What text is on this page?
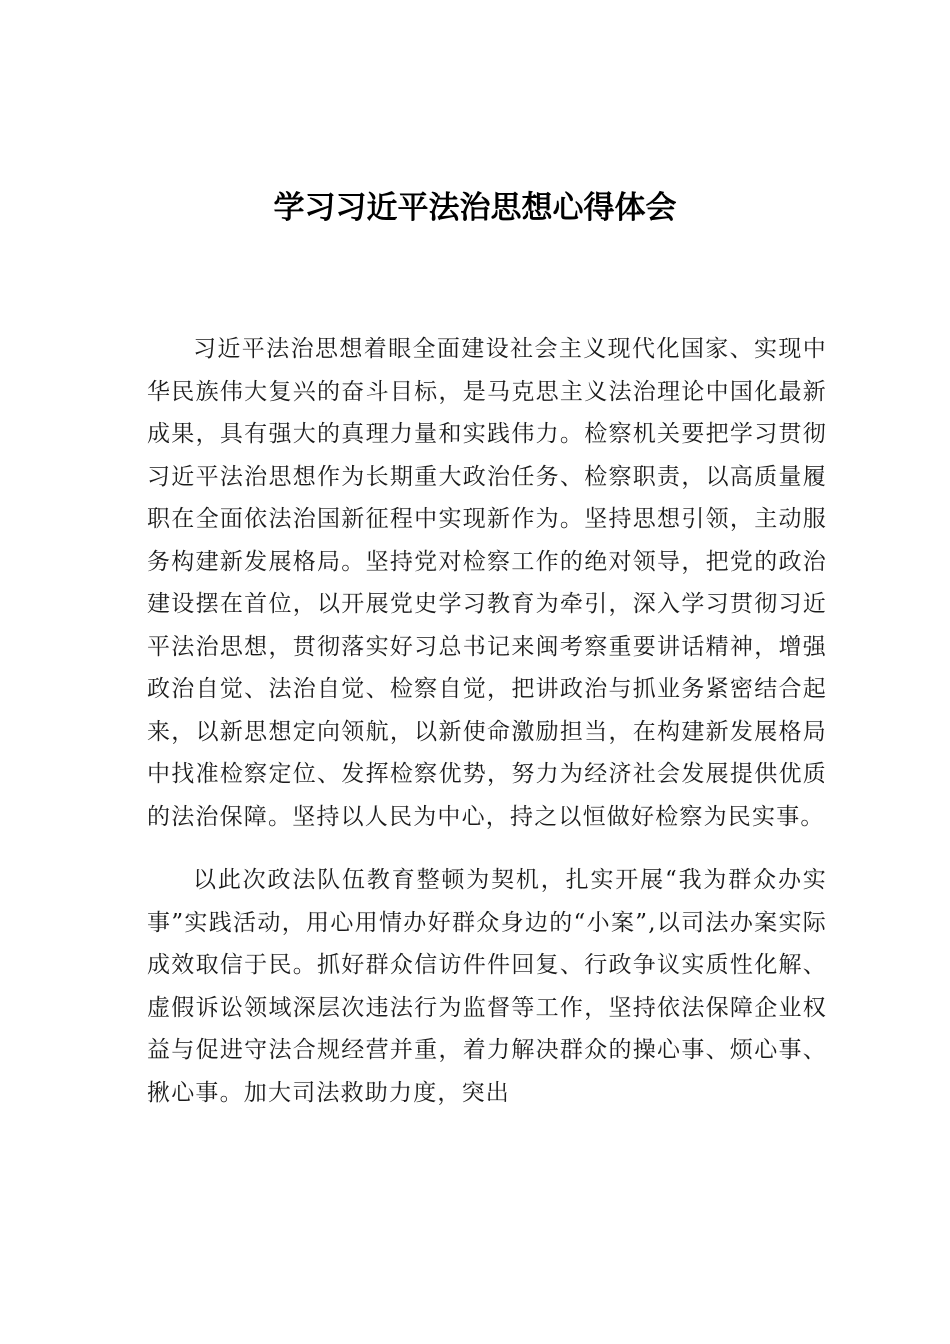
学习习近平法治思想心得体会

习近平法治思想着眼全面建设社会主义现代化国家、实现中华民族伟大复兴的奋斗目标，是马克思主义法治理论中国化最新成果，具有强大的真理力量和实践伟力。检察机关要把学习贯彻习近平法治思想作为长期重大政治任务、检察职责，以高质量履职在全面依法治国新征程中实现新作为。坚持思想引领，主动服务构建新发展格局。坚持党对检察工作的绝对领导，把党的政治建设摆在首位，以开展党史学习教育为牵引，深入学习贯彻习近平法治思想，贯彻落实好习总书记来闽考察重要讲话精神，增强政治自觉、法治自觉、检察自觉，把讲政治与抓业务紧密结合起来，以新思想定向领航，以新使命激励担当，在构建新发展格局中找准检察定位、发挥检察优势，努力为经济社会发展提供优质的法治保障。坚持以人民为中心，持之以恒做好检察为民实事。

以此次政法队伍教育整顿为契机，扎实开展“我为群众办实事”实践活动，用心用情办好群众身边的“小案”,以司法办案实际成效取信于民。抓好群众信访件件回复、行政争议实质性化解、虚假诉讼领域深层次违法行为监督等工作，坚持依法保障企业权益与促进守法合规经营并重，着力解决群众的操心事、烦心事、揪心事。加大司法救助力度，突出
